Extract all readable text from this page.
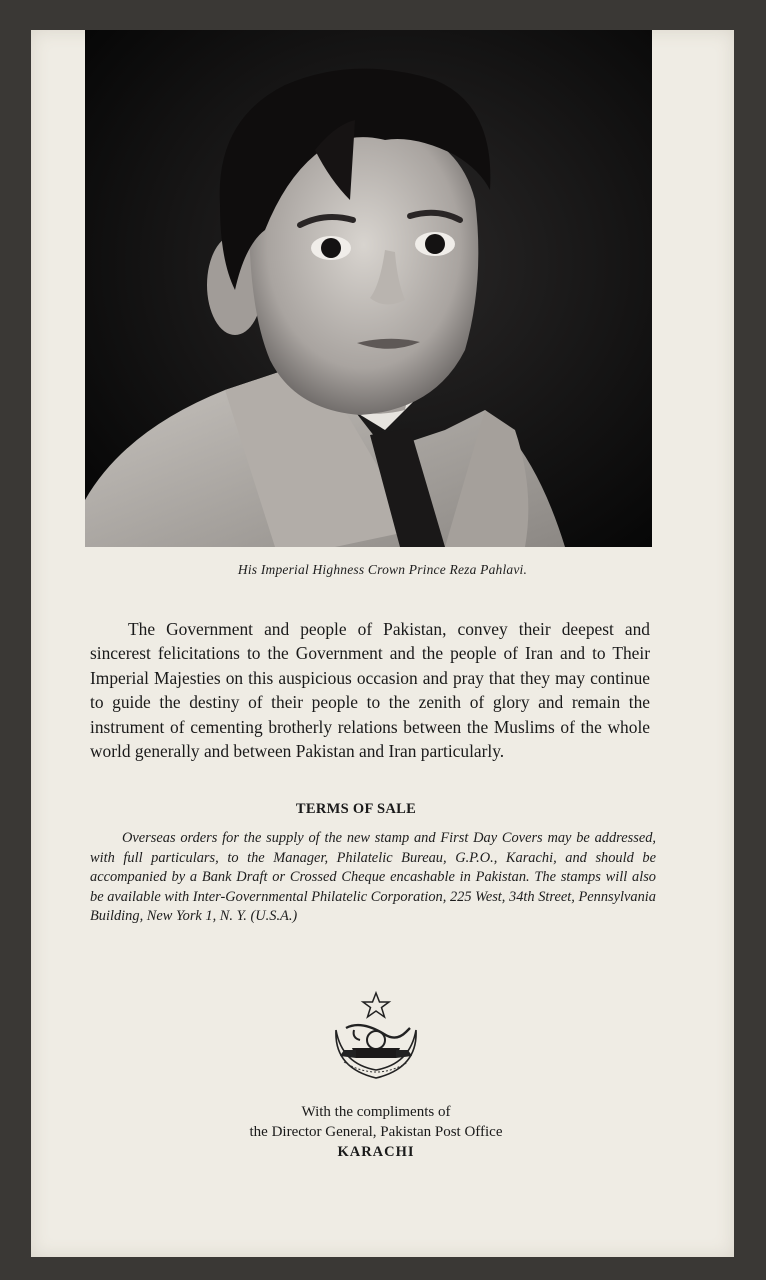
His Imperial Highness Crown Prince Reza Pahlavi.

The Government and people of Pakistan, convey their deepest and sincerest felicitations to the Government and the people of Iran and to Their Imperial Majesties on this auspicious occasion and pray that they may continue to guide the destiny of their people to the zenith of glory and remain the instrument of cementing brotherly relations between the Muslims of the whole world generally and between Pakistan and Iran particularly.

TERMS OF SALE

Overseas orders for the supply of the new stamp and First Day Covers may be addressed, with full particulars, to the Manager, Philatelic Bureau, G.P.O., Karachi, and should be accompanied by a Bank Draft or Crossed Cheque encashable in Pakistan. The stamps will also be available with Inter-Governmental Philatelic Corporation, 225 West, 34th Street, Pennsylvania Building, New York 1, N. Y. (U.S.A.)

With the compliments of
the Director General, Pakistan Post Office
KARACHI
